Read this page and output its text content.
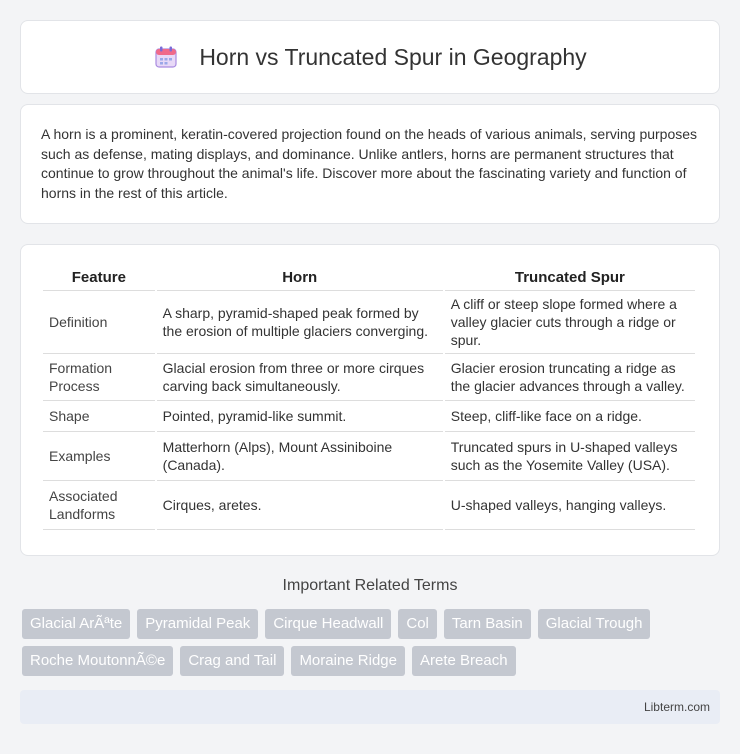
Horn vs Truncated Spur in Geography

A horn is a prominent, keratin-covered projection found on the heads of various animals, serving purposes such as defense, mating displays, and dominance. Unlike antlers, horns are permanent structures that continue to grow throughout the animal's life. Discover more about the fascinating variety and function of horns in the rest of this article.

Feature	Horn	Truncated Spur
Definition	A sharp, pyramid-shaped peak formed by the erosion of multiple glaciers converging.	A cliff or steep slope formed where a valley glacier cuts through a ridge or spur.
Formation Process	Glacial erosion from three or more cirques carving back simultaneously.	Glacier erosion truncating a ridge as the glacier advances through a valley.
Shape	Pointed, pyramid-like summit.	Steep, cliff-like face on a ridge.
Examples	Matterhorn (Alps), Mount Assiniboine (Canada).	Truncated spurs in U-shaped valleys such as the Yosemite Valley (USA).
Associated Landforms	Cirques, aretes.	U-shaped valleys, hanging valleys.
Important Related Terms
Glacial ArÃªte	Pyramidal Peak	Cirque Headwall	Col	Tarn Basin	Glacial Trough
Roche MoutonnÃ©e	Crag and Tail	Moraine Ridge	Arete Breach
Libterm.com
